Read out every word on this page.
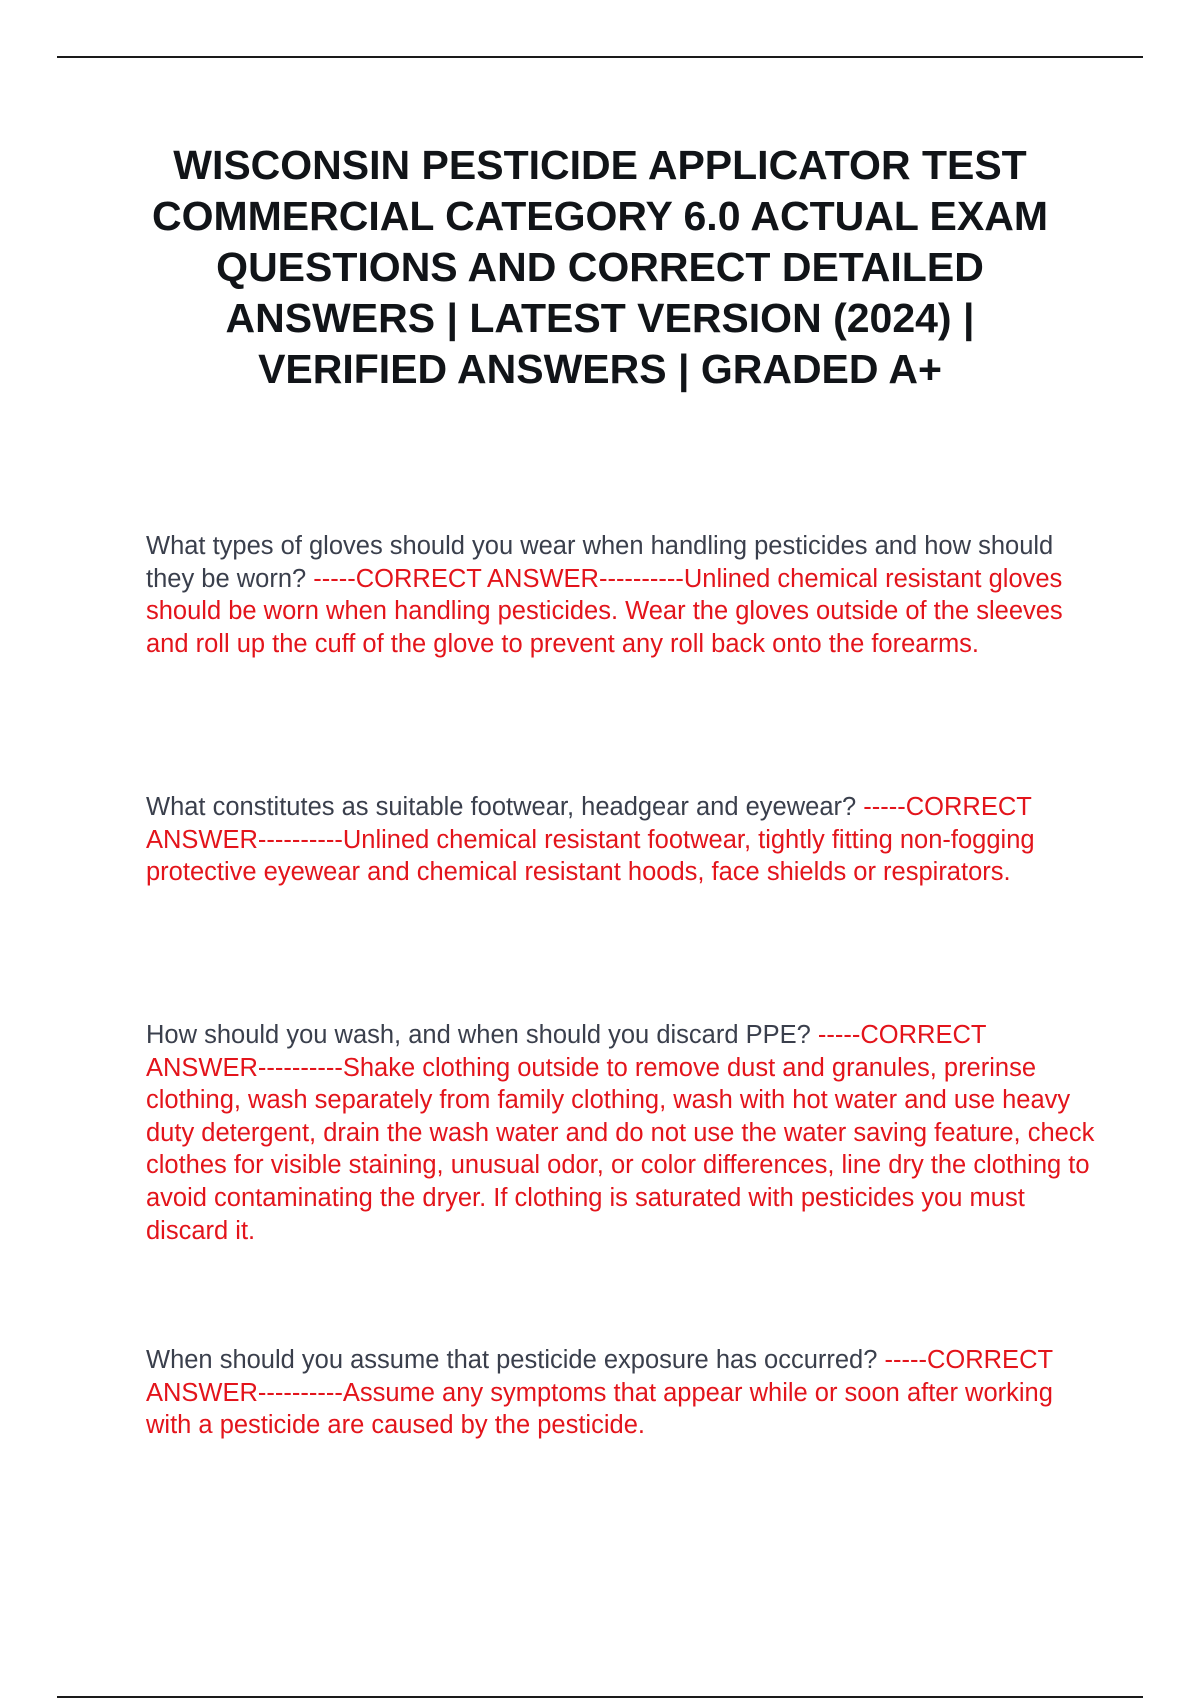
WISCONSIN PESTICIDE APPLICATOR TEST COMMERCIAL CATEGORY 6.0 ACTUAL EXAM QUESTIONS AND CORRECT DETAILED ANSWERS | LATEST VERSION (2024) | VERIFIED ANSWERS | GRADED A+

What types of gloves should you wear when handling pesticides and how should they be worn? -----CORRECT ANSWER----------Unlined chemical resistant gloves should be worn when handling pesticides. Wear the gloves outside of the sleeves and roll up the cuff of the glove to prevent any roll back onto the forearms.

What constitutes as suitable footwear, headgear and eyewear? -----CORRECT ANSWER----------Unlined chemical resistant footwear, tightly fitting non-fogging protective eyewear and chemical resistant hoods, face shields or respirators.

How should you wash, and when should you discard PPE? -----CORRECT ANSWER----------Shake clothing outside to remove dust and granules, prerinse clothing, wash separately from family clothing, wash with hot water and use heavy duty detergent, drain the wash water and do not use the water saving feature, check clothes for visible staining, unusual odor, or color differences, line dry the clothing to avoid contaminating the dryer. If clothing is saturated with pesticides you must discard it.

When should you assume that pesticide exposure has occurred? -----CORRECT ANSWER----------Assume any symptoms that appear while or soon after working with a pesticide are caused by the pesticide.
